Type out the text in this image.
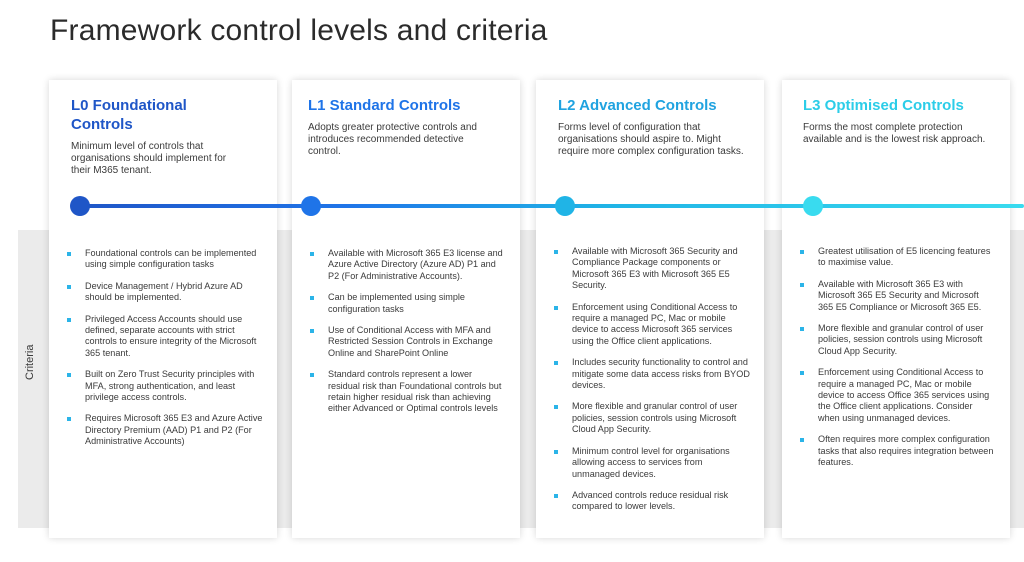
Framework control levels and criteria
Criteria
L0 Foundational Controls
Minimum level of controls that organisations should implement for their M365 tenant.
Foundational controls can be implemented using simple configuration tasks
Device Management / Hybrid Azure AD should be implemented.
Privileged Access Accounts should use defined, separate accounts with strict controls to ensure integrity of the Microsoft 365 tenant.
Built on Zero Trust Security principles with MFA, strong authentication, and least privilege access controls.
Requires Microsoft 365 E3 and Azure Active Directory Premium (AAD) P1 and P2 (For Administrative Accounts)
L1 Standard Controls
Adopts greater protective controls and introduces recommended detective control.
Available with Microsoft 365 E3 license and Azure Active Directory (Azure AD) P1 and P2 (For Administrative Accounts).
Can be implemented using simple configuration tasks
Use of Conditional Access with MFA and Restricted Session Controls in Exchange Online and SharePoint Online
Standard controls represent a lower residual risk than Foundational controls but retain higher residual risk than achieving either Advanced or Optimal controls levels
L2 Advanced Controls
Forms level of configuration that organisations should aspire to. Might require more complex configuration tasks.
Available with Microsoft 365 Security and Compliance Package components or Microsoft 365 E3 with Microsoft 365 E5 Security.
Enforcement using Conditional Access to require a managed PC, Mac or mobile device to access Microsoft 365 services using the Office client applications.
Includes security functionality to control and mitigate some data access risks from BYOD devices.
More flexible and granular control of user policies, session controls using Microsoft Cloud App Security.
Minimum control level for organisations allowing access to services from unmanaged devices.
Advanced controls reduce residual risk compared to lower levels.
L3 Optimised Controls
Forms the most complete protection available and is the lowest risk approach.
Greatest utilisation of E5 licencing features to maximise value.
Available with Microsoft 365 E3 with Microsoft 365 E5 Security and Microsoft 365 E5 Compliance or Microsoft 365 E5.
More flexible and granular control of user policies, session controls using Microsoft Cloud App Security.
Enforcement using Conditional Access to require a managed PC, Mac or mobile device to access Office 365 services using the Office client applications. Consider when using unmanaged devices.
Often requires more complex configuration tasks that also requires integration between features.
